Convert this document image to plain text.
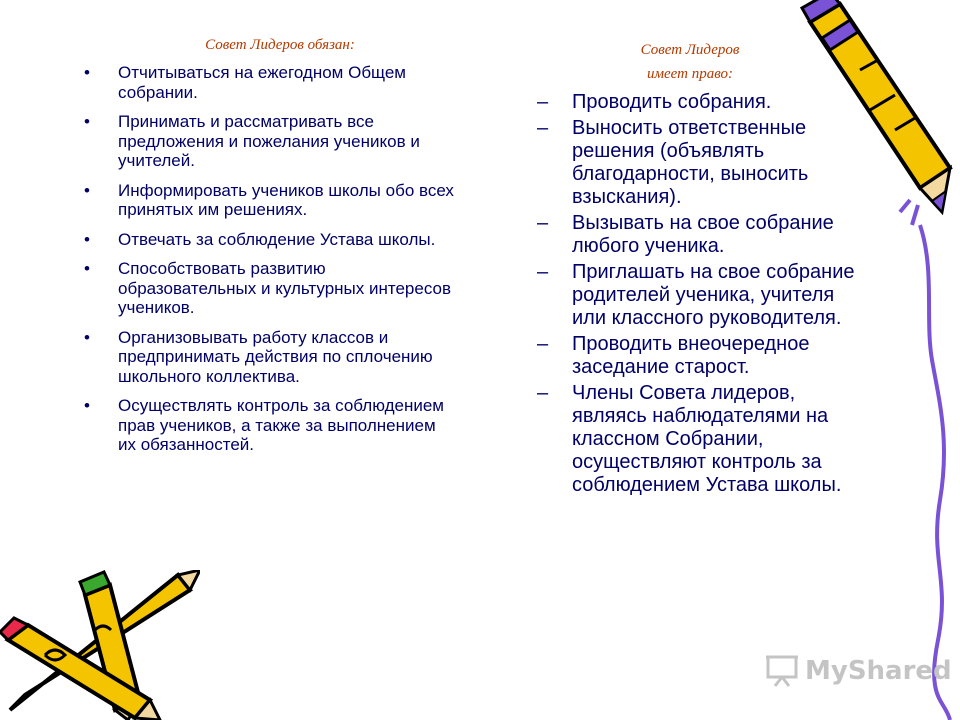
Совет Лидеров обязан:

• Отчитываться на ежегодном Общем собрании.
• Принимать и рассматривать все предложения и пожелания учеников и учителей.
• Информировать учеников школы обо всех принятых им решениях.
• Отвечать за соблюдение Устава школы.
• Способствовать развитию образовательных и культурных интересов учеников.
• Организовывать работу классов и предпринимать действия по сплочению школьного коллектива.
• Осуществлять контроль за соблюдением прав учеников, а также за выполнением их обязанностей.
Совет Лидеров
имеет право:
– Проводить собрания.
– Выносить ответственные решения (объявлять благодарности, выносить взыскания).
– Вызывать на свое собрание любого ученика.
– Приглашать на свое собрание родителей ученика, учителя или классного руководителя.
– Проводить внеочередное заседание старост.
– Члены Совета лидеров, являясь наблюдателями на классном Собрании, осуществляют контроль за соблюдением Устава школы.
MyShared
